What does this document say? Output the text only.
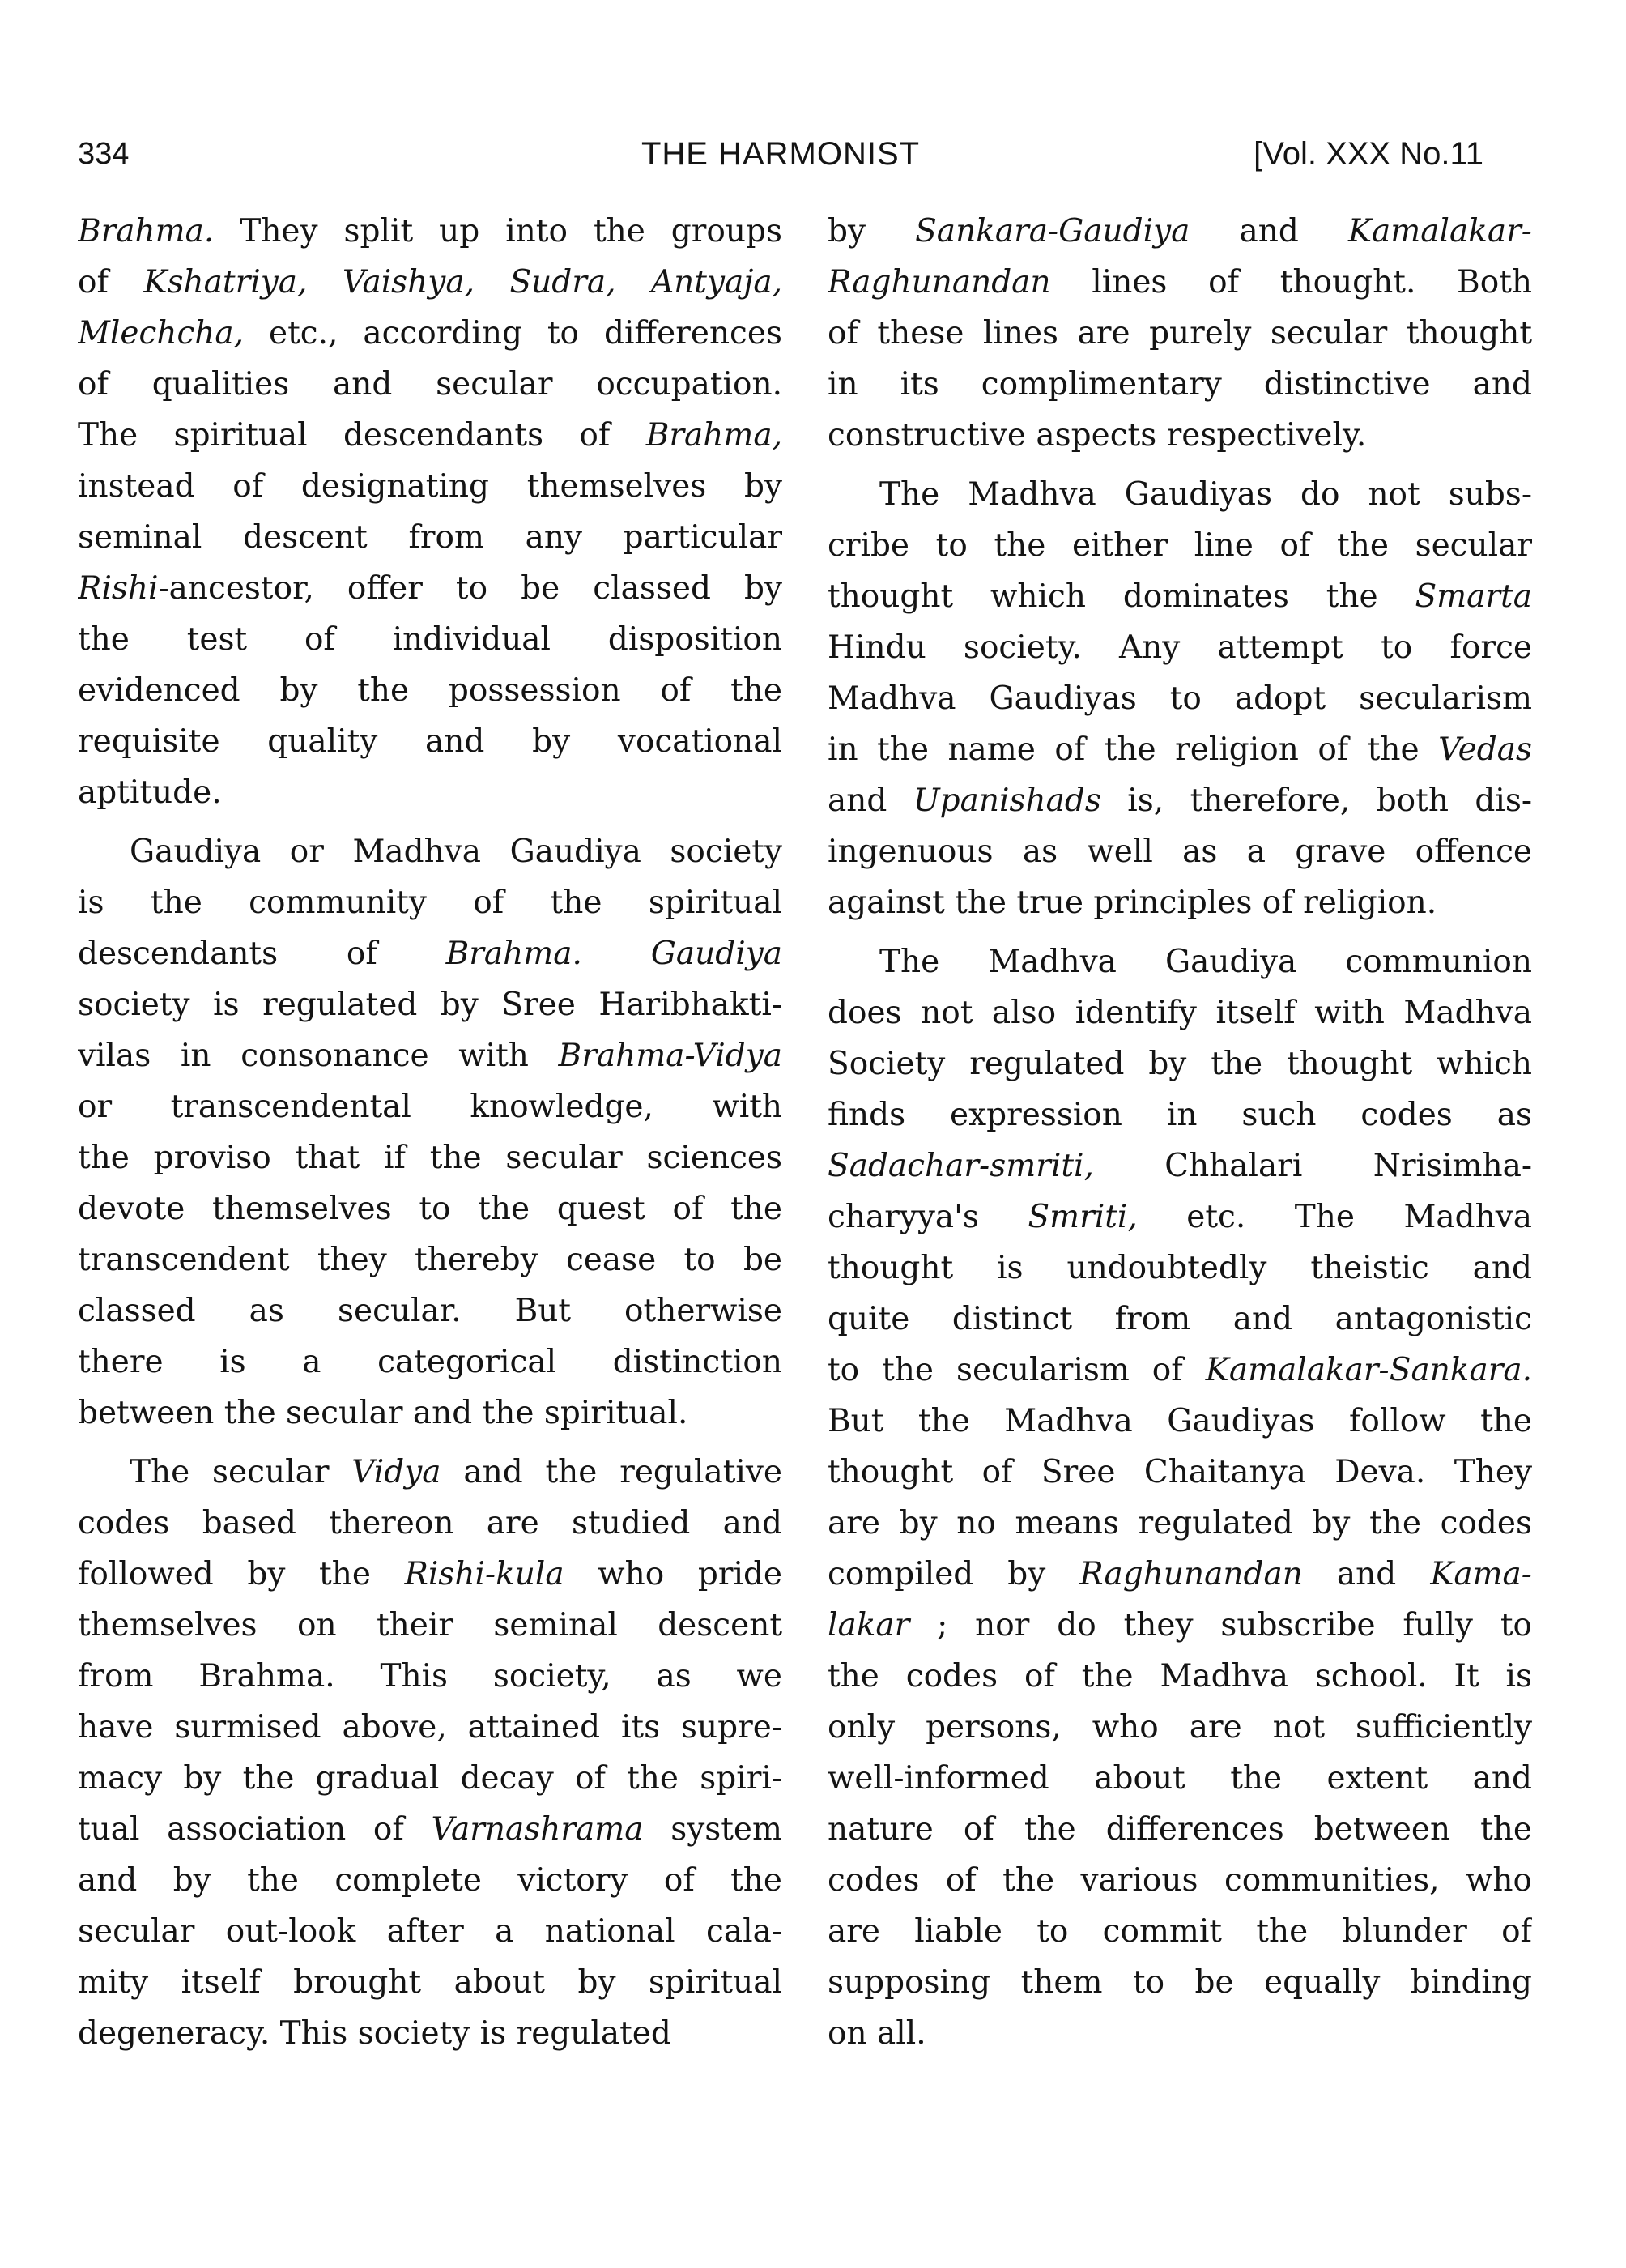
334	THE HARMONIST	[Vol. XXX No.11
Brahma. They split up into the groups
of Kshatriya, Vaishya, Sudra, Antyaja,
Mlechcha, etc., according to differences
of qualities and secular occupation.
The spiritual descendants of Brahma,
instead of designating themselves by
seminal descent from any particular
Rishi-ancestor, offer to be classed by
the test of individual disposition
evidenced by the possession of the
requisite quality and by vocational
aptitude.
Gaudiya or Madhva Gaudiya society
is the community of the spiritual
descendants of Brahma. Gaudiya
society is regulated by Sree Haribhakti-
vilas in consonance with Brahma-Vidya
or transcendental knowledge, with
the proviso that if the secular sciences
devote themselves to the quest of the
transcendent they thereby cease to be
classed as secular. But otherwise
there is a categorical distinction
between the secular and the spiritual.
The secular Vidya and the regulative
codes based thereon are studied and
followed by the Rishi-kula who pride
themselves on their seminal descent
from Brahma. This society, as we
have surmised above, attained its supre-
macy by the gradual decay of the spiri-
tual association of Varnashrama system
and by the complete victory of the
secular out-look after a national cala-
mity itself brought about by spiritual
degeneracy. This society is regulated
by Sankara-Gaudiya and Kamalakar-
Raghunandan lines of thought. Both
of these lines are purely secular thought
in its complimentary distinctive and
constructive aspects respectively.
The Madhva Gaudiyas do not subs-
cribe to the either line of the secular
thought which dominates the Smarta
Hindu society. Any attempt to force
Madhva Gaudiyas to adopt secularism
in the name of the religion of the Vedas
and Upanishads is, therefore, both dis-
ingenuous as well as a grave offence
against the true principles of religion.
The Madhva Gaudiya communion
does not also identify itself with Madhva
Society regulated by the thought which
finds expression in such codes as
Sadachar-smriti, Chhalari Nrisimha-
charyya's Smriti, etc. The Madhva
thought is undoubtedly theistic and
quite distinct from and antagonistic
to the secularism of Kamalakar-Sankara.
But the Madhva Gaudiyas follow the
thought of Sree Chaitanya Deva. They
are by no means regulated by the codes
compiled by Raghunandan and Kama-
lakar ; nor do they subscribe fully to
the codes of the Madhva school. It is
only persons, who are not sufficiently
well-informed about the extent and
nature of the differences between the
codes of the various communities, who
are liable to commit the blunder of
supposing them to be equally binding
on all.
